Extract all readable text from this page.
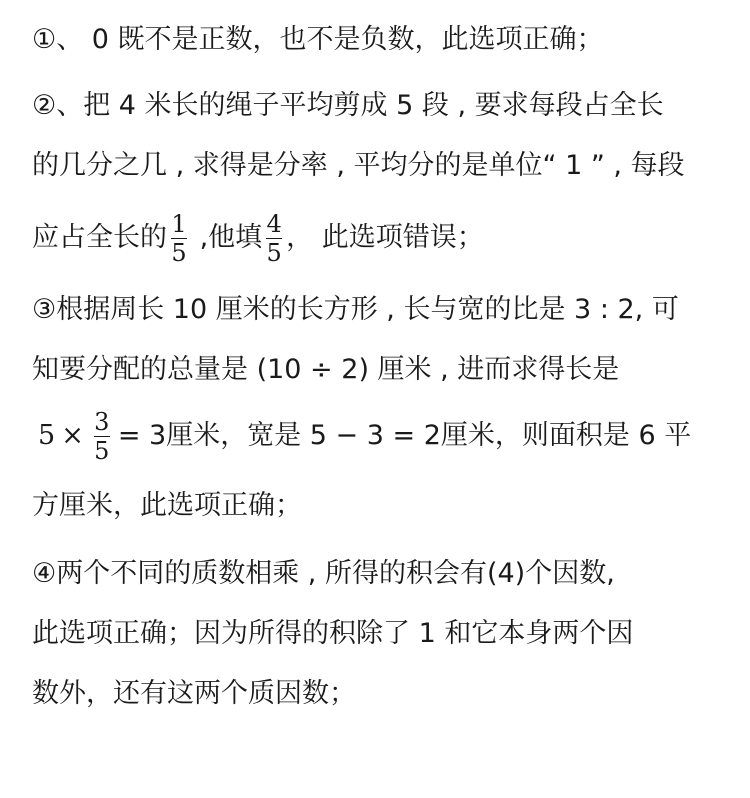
①、 0 既不是正数，也不是负数，此选项正确；
②、把 4 米长的绳子平均剪成 5 段 , 要求每段占全长
的几分之几 , 求得是分率 , 平均分的是单位“ 1 ” , 每段
应占全长的 $\frac{1}{5}$ ,他填 $\frac{4}{5}$ ， 此选项错误；
③根据周长 10 厘米的长方形 , 长与宽的比是 3 : 2, 可
知要分配的总量是 (10 ÷ 2) 厘米 , 进而求得长是
$5 \times \frac{3}{5} = 3$厘米，宽是 5 − 3 = 2厘米，则面积是 6 平
方厘米，此选项正确；
④两个不同的质数相乘 , 所得的积会有(4)个因数,
此选项正确；因为所得的积除了 1 和它本身两个因
数外，还有这两个质因数；
